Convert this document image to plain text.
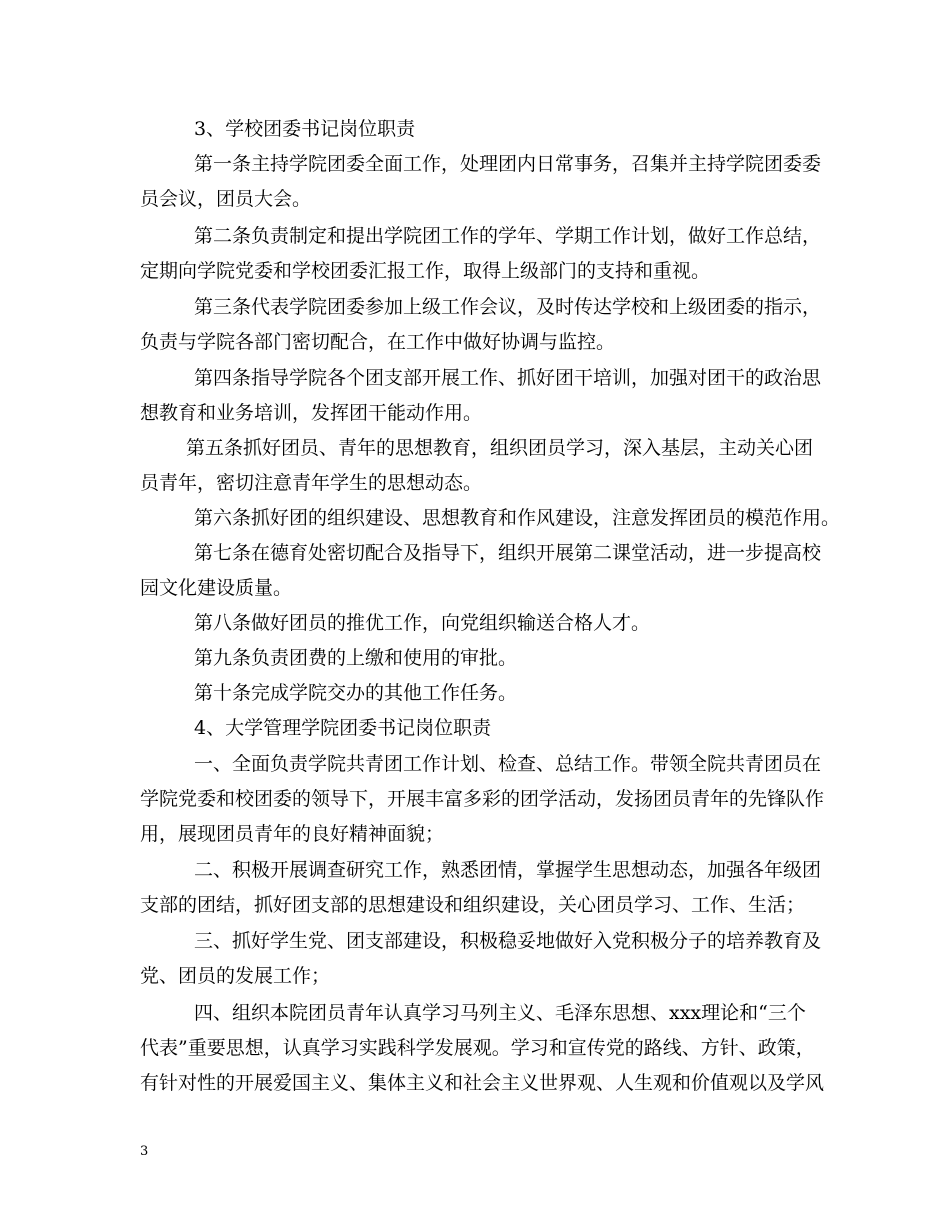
3、学校团委书记岗位职责
第一条主持学院团委全面工作，处理团内日常事务，召集并主持学院团委委
员会议，团员大会。
第二条负责制定和提出学院团工作的学年、学期工作计划，做好工作总结，
定期向学院党委和学校团委汇报工作，取得上级部门的支持和重视。
第三条代表学院团委参加上级工作会议，及时传达学校和上级团委的指示，
负责与学院各部门密切配合，在工作中做好协调与监控。
第四条指导学院各个团支部开展工作、抓好团干培训，加强对团干的政治思
想教育和业务培训，发挥团干能动作用。
第五条抓好团员、青年的思想教育，组织团员学习，深入基层，主动关心团
员青年，密切注意青年学生的思想动态。
第六条抓好团的组织建设、思想教育和作风建设，注意发挥团员的模范作用。
第七条在德育处密切配合及指导下，组织开展第二课堂活动，进一步提高校
园文化建设质量。
第八条做好团员的推优工作，向党组织输送合格人才。
第九条负责团费的上缴和使用的审批。
第十条完成学院交办的其他工作任务。
4、大学管理学院团委书记岗位职责
一、全面负责学院共青团工作计划、检查、总结工作。带领全院共青团员在
学院党委和校团委的领导下，开展丰富多彩的团学活动，发扬团员青年的先锋队作
用，展现团员青年的良好精神面貌；
二、积极开展调查研究工作，熟悉团情，掌握学生思想动态，加强各年级团
支部的团结，抓好团支部的思想建设和组织建设，关心团员学习、工作、生活；
三、抓好学生党、团支部建设，积极稳妥地做好入党积极分子的培养教育及
党、团员的发展工作；
四、组织本院团员青年认真学习马列主义、毛泽东思想、xxx理论和“三个
代表”重要思想，认真学习实践科学发展观。学习和宣传党的路线、方针、政策，
有针对性的开展爱国主义、集体主义和社会主义世界观、人生观和价值观以及学风
3
